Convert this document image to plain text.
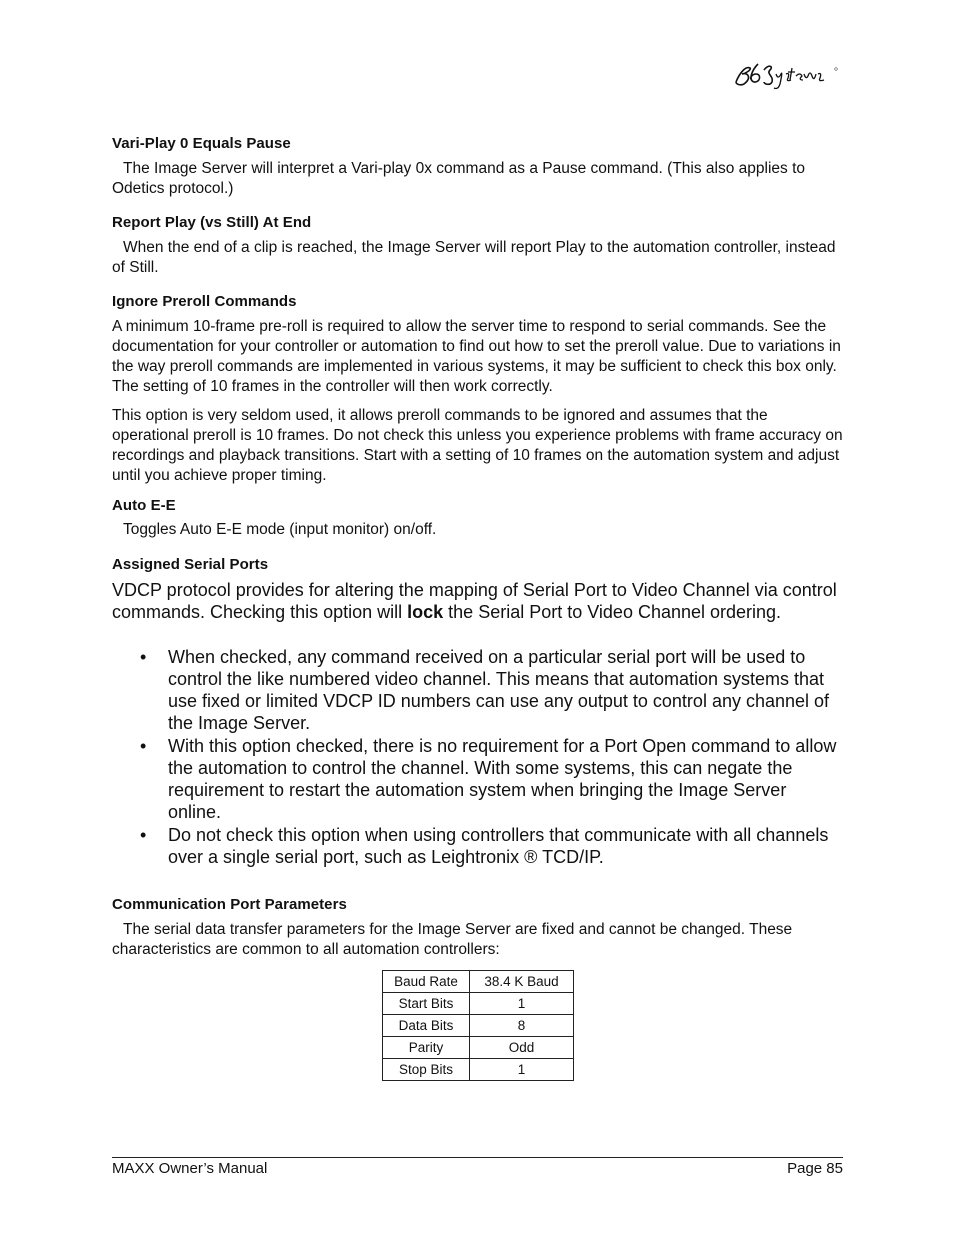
Vari-Play 0 Equals Pause
The Image Server will interpret a Vari-play 0x command as a Pause command. (This also applies to Odetics protocol.)
Report Play (vs Still) At End
When the end of a clip is reached, the Image Server will report Play to the automation controller, instead of Still.
Ignore Preroll Commands
A minimum 10-frame pre-roll is required to allow the server time to respond to serial commands. See the documentation for your controller or automation to find out how to set the preroll value. Due to variations in the way preroll commands are implemented in various systems, it may be sufficient to check this box only. The setting of 10 frames in the controller will then work correctly.
This option is very seldom used, it allows preroll commands to be ignored and assumes that the operational preroll is 10 frames. Do not check this unless you experience problems with frame accuracy on recordings and playback transitions. Start with a setting of 10 frames on the automation system and adjust until you achieve proper timing.
Auto E-E
Toggles Auto E-E mode (input monitor) on/off.
Assigned Serial Ports
VDCP protocol provides for altering the mapping of Serial Port to Video Channel via control commands. Checking this option will lock the Serial Port to Video Channel ordering.
• When checked, any command received on a particular serial port will be used to control the like numbered video channel. This means that automation systems that use fixed or limited VDCP ID numbers can use any output to control any channel of the Image Server.
• With this option checked, there is no requirement for a Port Open command to allow the automation to control the channel. With some systems, this can negate the requirement to restart the automation system when bringing the Image Server online.
• Do not check this option when using controllers that communicate with all channels over a single serial port, such as Leightronix ® TCD/IP.
Communication Port Parameters
The serial data transfer parameters for the Image Server are fixed and cannot be changed. These characteristics are common to all automation controllers:
Baud Rate	38.4 K Baud
Start Bits	1
Data Bits	8
Parity	Odd
Stop Bits	1
MAXX Owner’s Manual	Page 85
